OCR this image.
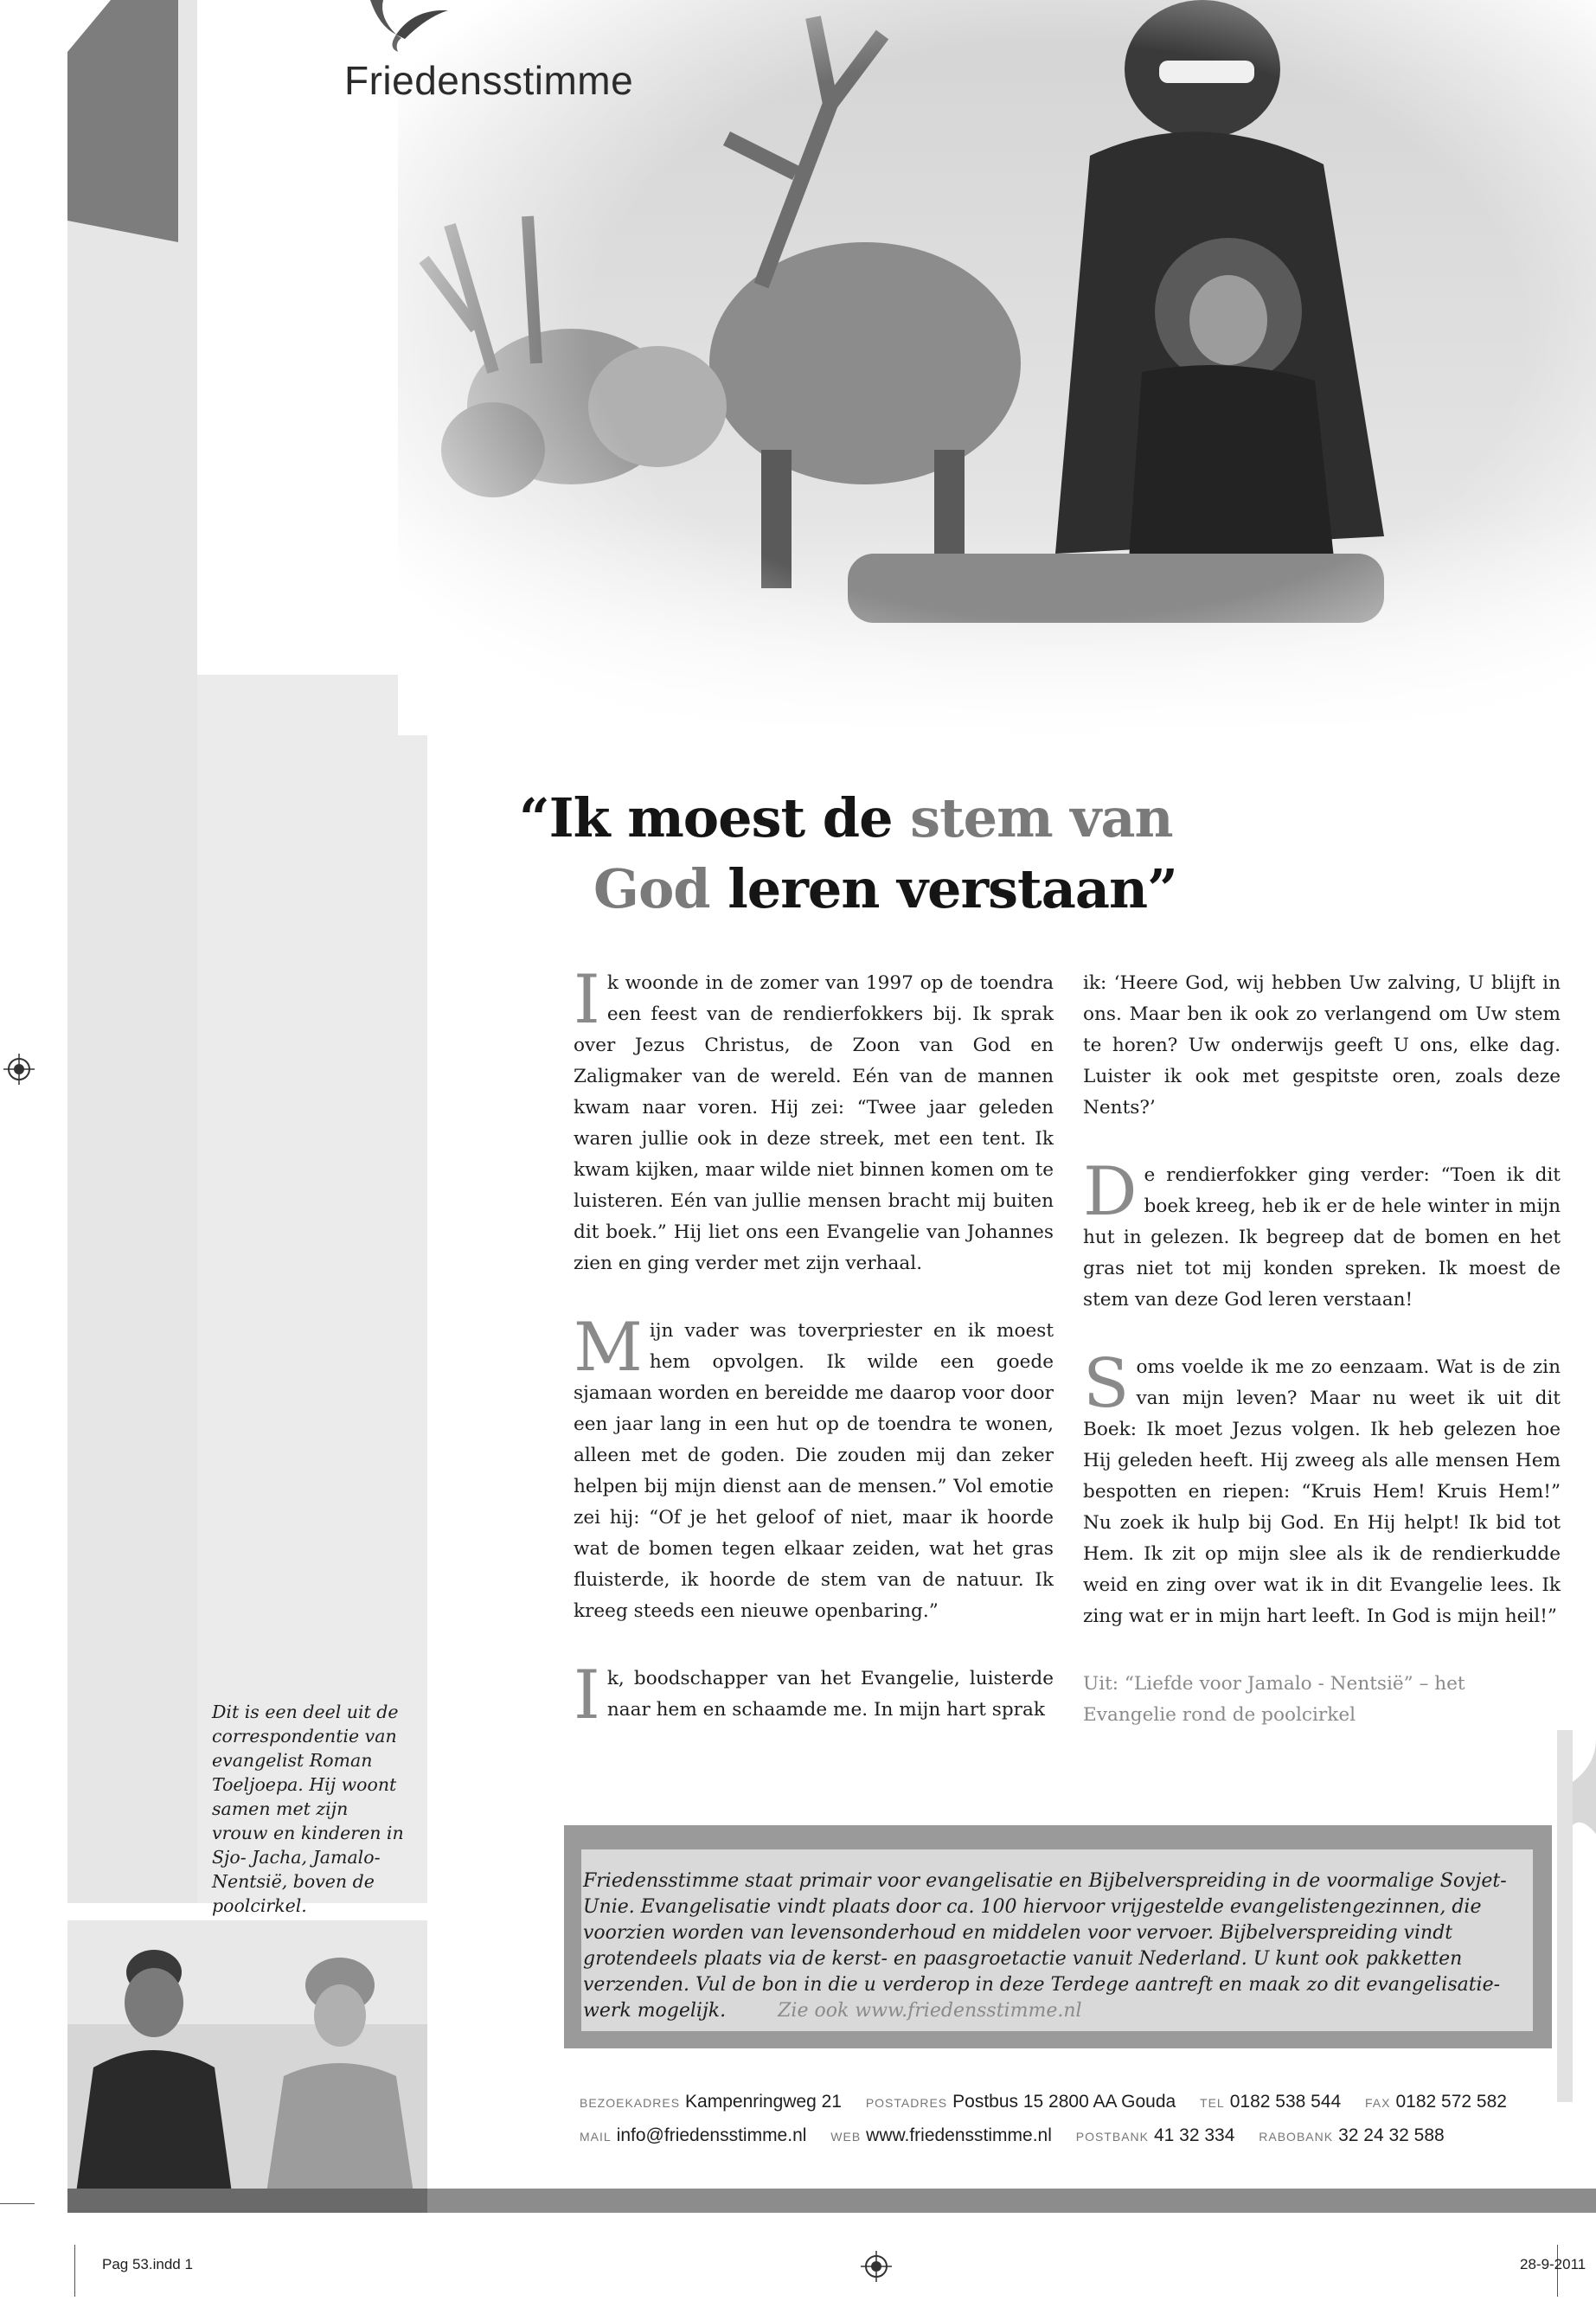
Friedensstimme
“Ik moest de stem van
God leren verstaan”

Ik woonde in de zomer van 1997 op de toendra een feest van de rendierfokkers bij. Ik sprak over Jezus Christus, de Zoon van God en Zaligmaker van de wereld. Eén van de mannen kwam naar voren. Hij zei: “Twee jaar geleden waren jullie ook in deze streek, met een tent. Ik kwam kijken, maar wilde niet binnen komen om te luisteren. Eén van jullie mensen bracht mij buiten dit boek.” Hij liet ons een Evangelie van Johannes zien en ging verder met zijn verhaal.

Mijn vader was toverpriester en ik moest hem opvolgen. Ik wilde een goede sjamaan worden en bereidde me daarop voor door een jaar lang in een hut op de toendra te wonen, alleen met de goden. Die zouden mij dan zeker helpen bij mijn dienst aan de mensen.” Vol emotie zei hij: “Of je het geloof of niet, maar ik hoorde wat de bomen tegen elkaar zeiden, wat het gras fluisterde, ik hoorde de stem van de natuur. Ik kreeg steeds een nieuwe openbaring.”

Ik, boodschapper van het Evangelie, luisterde naar hem en schaamde me. In mijn hart sprak

ik: ‘Heere God, wij hebben Uw zalving, U blijft in ons. Maar ben ik ook zo verlangend om Uw stem te horen? Uw onderwijs geeft U ons, elke dag. Luister ik ook met gespitste oren, zoals deze Nents?’

De rendierfokker ging verder: “Toen ik dit boek kreeg, heb ik er de hele winter in mijn hut in gelezen. Ik begreep dat de bomen en het gras niet tot mij konden spreken. Ik moest de stem van deze God leren verstaan!

Soms voelde ik me zo eenzaam. Wat is de zin van mijn leven? Maar nu weet ik uit dit Boek: Ik moet Jezus volgen. Ik heb gelezen hoe Hij geleden heeft. Hij zweeg als alle mensen Hem bespotten en riepen: “Kruis Hem! Kruis Hem!” Nu zoek ik hulp bij God. En Hij helpt! Ik bid tot Hem. Ik zit op mijn slee als ik de rendierkudde weid en zing over wat ik in dit Evangelie lees. Ik zing wat er in mijn hart leeft. In God is mijn heil!”

Uit: “Liefde voor Jamalo - Nentsië” – het Evangelie rond de poolcirkel

Dit is een deel uit de correspondentie van evangelist Roman Toeljoepa. Hij woont samen met zijn vrouw en kinderen in Sjo- Jacha, Jamalo- Nentsië, boven de poolcirkel.
Friedensstimme staat primair voor evangelisatie en Bijbelverspreiding in de voormalige Sovjet-Unie. Evangelisatie vindt plaats door ca. 100 hiervoor vrijgestelde evangelistengezinnen, die voorzien worden van levensonderhoud en middelen voor vervoer. Bijbelverspreiding vindt grotendeels plaats via de kerst- en paasgroetactie vanuit Nederland. U kunt ook pakketten verzenden. Vul de bon in die u verderop in deze Terdege aantreft en maak zo dit evangelisatie-werk mogelijk.	Zie ook www.friedensstimme.nl
BEZOEKADRES Kampenringweg 21 POSTADRES Postbus 15 2800 AA Gouda TEL 0182 538 544 FAX 0182 572 582
MAIL info@friedensstimme.nl WEB www.friedensstimme.nl POSTBANK 41 32 334 RABOBANK 32 24 32 588
Pag 53.indd 1	28-9-2011
